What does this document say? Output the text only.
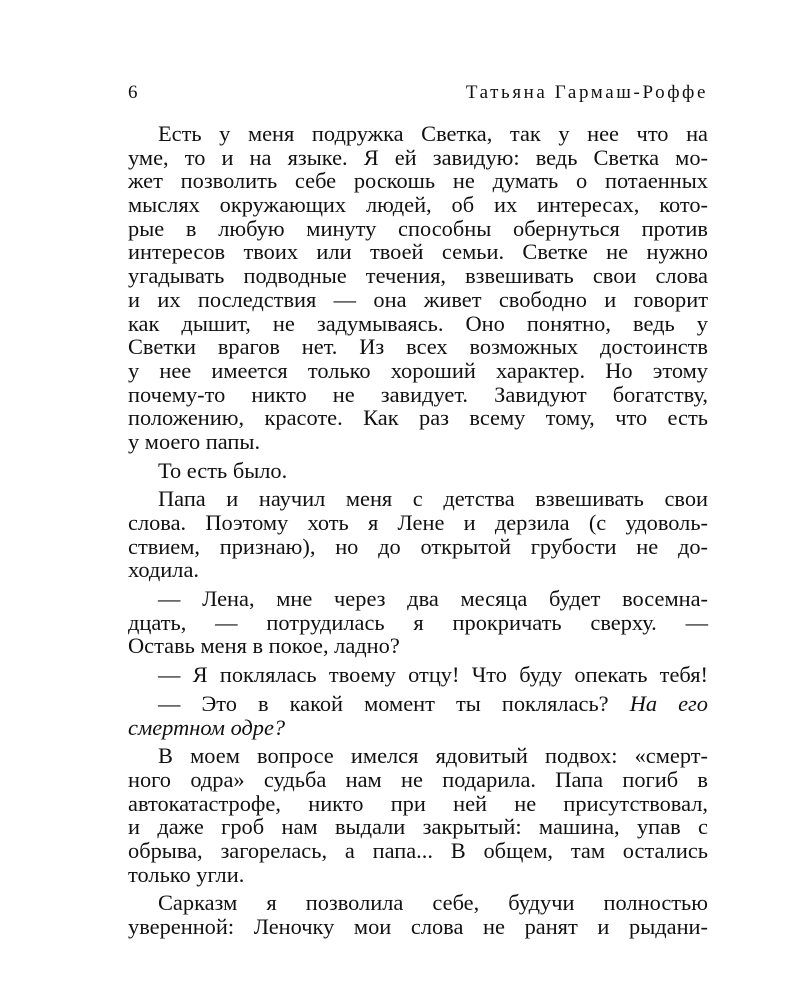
6	Татьяна Гармаш-Роффе
Есть у меня подружка Светка, так у нее что на
уме, то и на языке. Я ей завидую: ведь Светка мо-
жет позволить себе роскошь не думать о потаенных
мыслях окружающих людей, об их интересах, кото-
рые в любую минуту способны обернуться против
интересов твоих или твоей семьи. Светке не нужно
угадывать подводные течения, взвешивать свои слова
и их последствия — она живет свободно и говорит
как дышит, не задумываясь. Оно понятно, ведь у
Светки врагов нет. Из всех возможных достоинств
у нее имеется только хороший характер. Но этому
почему-то никто не завидует. Завидуют богатству,
положению, красоте. Как раз всему тому, что есть
у моего папы.
То есть было.
Папа и научил меня с детства взвешивать свои
слова. Поэтому хоть я Лене и дерзила (с удоволь-
ствием, признаю), но до открытой грубости не до-
ходила.
— Лена, мне через два месяца будет восемна-
дцать, — потрудилась я прокричать сверху. —
Оставь меня в покое, ладно?
— Я поклялась твоему отцу! Что буду опекать тебя!
— Это в какой момент ты поклялась? На его
смертном одре?
В моем вопросе имелся ядовитый подвох: «смерт-
ного одра» судьба нам не подарила. Папа погиб в
автокатастрофе, никто при ней не присутствовал,
и даже гроб нам выдали закрытый: машина, упав с
обрыва, загорелась, а папа... В общем, там остались
только угли.
Сарказм я позволила себе, будучи полностью
уверенной: Леночку мои слова не ранят и рыдани-
